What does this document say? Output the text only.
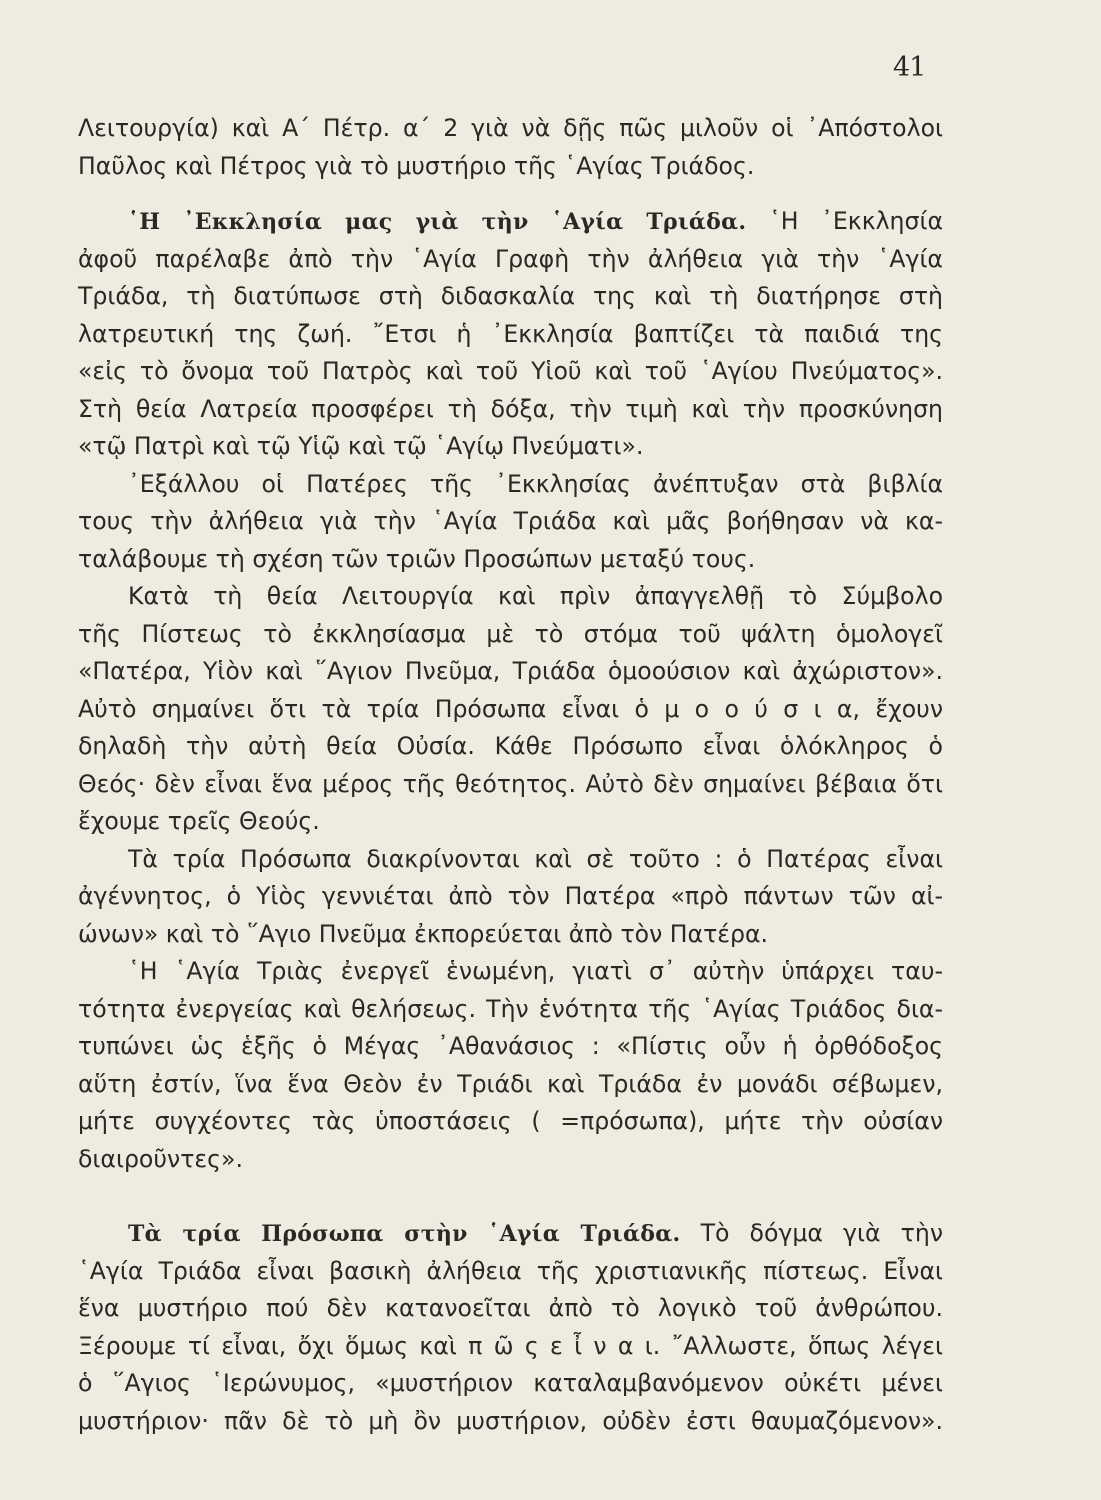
41
Λειτουργία) καὶ Α΄ Πέτρ. α΄ 2 γιὰ νὰ δῇς πῶς μιλοῦν οἱ ᾿Απόστολοι
Παῦλος καὶ Πέτρος γιὰ τὸ μυστήριο τῆς ῾Αγίας Τριάδος.
῾Η ᾿Εκκλησία μας γιὰ τὴν ῾Αγία Τριάδα. ῾Η ᾿Εκκλησία
ἀφοῦ παρέλαβε ἀπὸ τὴν ῾Αγία Γραφὴ τὴν ἀλήθεια γιὰ τὴν ῾Αγία
Τριάδα, τὴ διατύπωσε στὴ διδασκαλία της καὶ τὴ διατήρησε στὴ
λατρευτική της ζωή. ῎Ετσι ἡ ᾿Εκκλησία βαπτίζει τὰ παιδιά της
«εἰς τὸ ὄνομα τοῦ Πατρὸς καὶ τοῦ Υἱοῦ καὶ τοῦ ῾Αγίου Πνεύματος».
Στὴ θεία Λατρεία προσφέρει τὴ δόξα, τὴν τιμὴ καὶ τὴν προσκύνηση
«τῷ Πατρὶ καὶ τῷ Υἱῷ καὶ τῷ ῾Αγίῳ Πνεύματι».
᾿Εξάλλου οἱ Πατέρες τῆς ᾿Εκκλησίας ἀνέπτυξαν στὰ βιβλία
τους τὴν ἀλήθεια γιὰ τὴν ῾Αγία Τριάδα καὶ μᾶς βοήθησαν νὰ κα-
ταλάβουμε τὴ σχέση τῶν τριῶν Προσώπων μεταξύ τους.
Κατὰ τὴ θεία Λειτουργία καὶ πρὶν ἀπαγγελθῇ τὸ Σύμβολο
τῆς Πίστεως τὸ ἐκκλησίασμα μὲ τὸ στόμα τοῦ ψάλτη ὁμολογεῖ
«Πατέρα, Υἱὸν καὶ ῞Αγιον Πνεῦμα, Τριάδα ὁμοούσιον καὶ ἀχώριστον».
Αὐτὸ σημαίνει ὅτι τὰ τρία Πρόσωπα εἶναι ὁ μ ο ο ύ σ ι α, ἔχουν
δηλαδὴ τὴν αὐτὴ θεία Οὐσία. Κάθε Πρόσωπο εἶναι ὁλόκληρος ὁ
Θεός· δὲν εἶναι ἕνα μέρος τῆς θεότητος. Αὐτὸ δὲν σημαίνει βέβαια ὅτι
ἔχουμε τρεῖς Θεούς.
Τὰ τρία Πρόσωπα διακρίνονται καὶ σὲ τοῦτο : ὁ Πατέρας εἶναι
ἀγέννητος, ὁ Υἱὸς γεννιέται ἀπὸ τὸν Πατέρα «πρὸ πάντων τῶν αἰ-
ώνων» καὶ τὸ ῞Αγιο Πνεῦμα ἐκπορεύεται ἀπὸ τὸν Πατέρα.
῾Η ῾Αγία Τριὰς ἐνεργεῖ ἑνωμένη, γιατὶ σ᾿ αὐτὴν ὑπάρχει ταυ-
τότητα ἐνεργείας καὶ θελήσεως. Τὴν ἑνότητα τῆς ῾Αγίας Τριάδος δια-
τυπώνει ὡς ἑξῆς ὁ Μέγας ᾿Αθανάσιος : «Πίστις οὖν ἡ ὀρθόδοξος
αὕτη ἐστίν, ἵνα ἕνα Θεὸν ἐν Τριάδι καὶ Τριάδα ἐν μονάδι σέβωμεν,
μήτε συγχέοντες τὰς ὑποστάσεις ( =πρόσωπα), μήτε τὴν οὐσίαν
διαιροῦντες».
Τὰ τρία Πρόσωπα στὴν ῾Αγία Τριάδα. Τὸ δόγμα γιὰ τὴν
῾Αγία Τριάδα εἶναι βασικὴ ἀλήθεια τῆς χριστιανικῆς πίστεως. Εἶναι
ἕνα μυστήριο πού δὲν κατανοεῖται ἀπὸ τὸ λογικὸ τοῦ ἀνθρώπου.
Ξέρουμε τί εἶναι, ὄχι ὅμως καὶ π ῶ ς ε ἶ ν α ι. ῎Αλλωστε, ὅπως λέγει
ὁ ῞Αγιος ῾Ιερώνυμος, «μυστήριον καταλαμβανόμενον οὐκέτι μένει
μυστήριον· πᾶν δὲ τὸ μὴ ὂν μυστήριον, οὐδὲν ἐστι θαυμαζόμενον».
